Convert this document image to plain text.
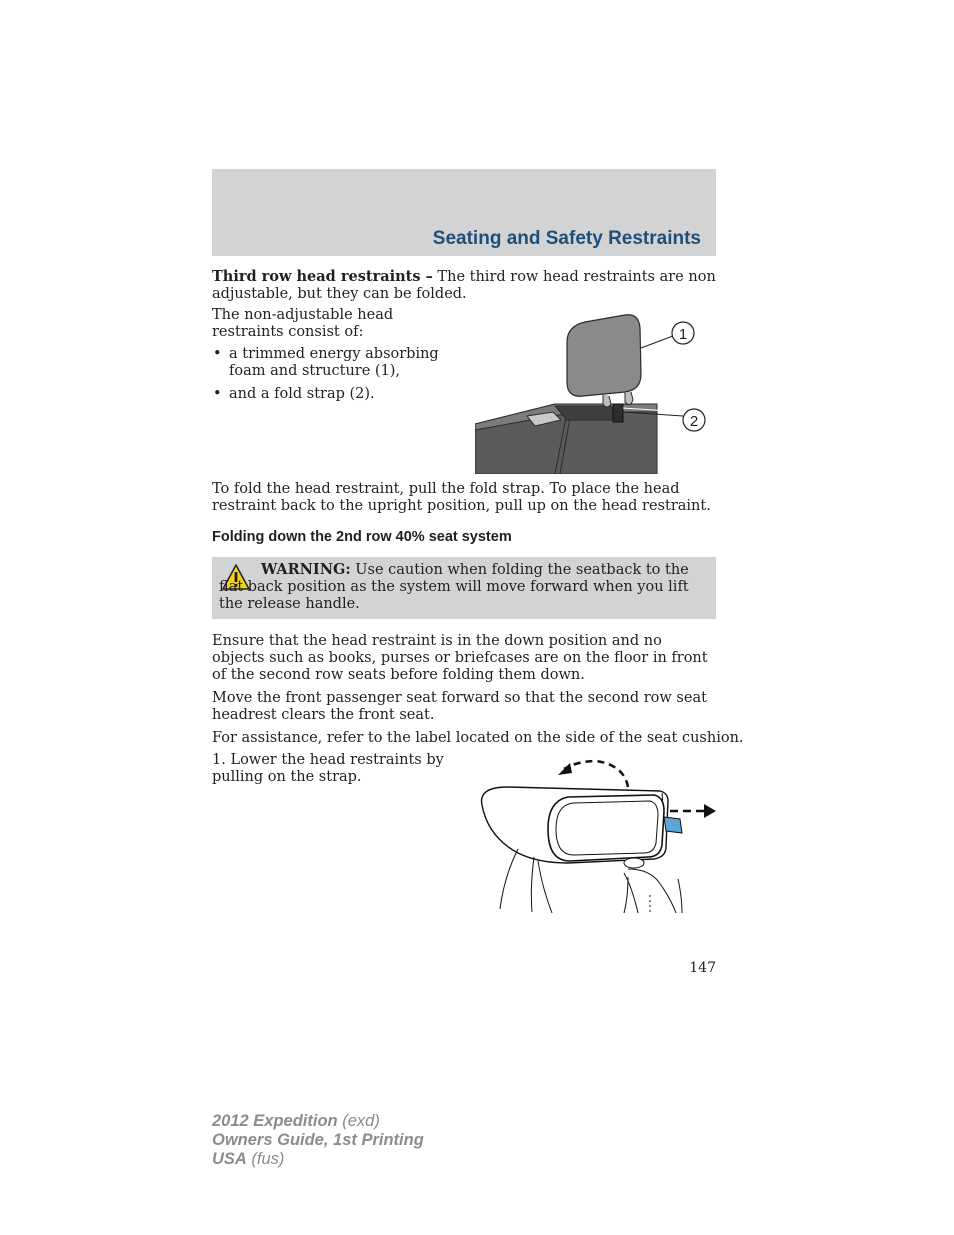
Seating and Safety Restraints
Third row head restraints – The third row head restraints are non adjustable, but they can be folded.
The non-adjustable head restraints consist of:
• a trimmed energy absorbing foam and structure (1),
• and a fold strap (2).
1
2
To fold the head restraint, pull the fold strap. To place the head restraint back to the upright position, pull up on the head restraint.
Folding down the 2nd row 40% seat system
WARNING: Use caution when folding the seatback to the flat back position as the system will move forward when you lift the release handle.
Ensure that the head restraint is in the down position and no objects such as books, purses or briefcases are on the floor in front of the second row seats before folding them down.
Move the front passenger seat forward so that the second row seat headrest clears the front seat.
For assistance, refer to the label located on the side of the seat cushion.
1. Lower the head restraints by pulling on the strap.
147
2012 Expedition (exd)
Owners Guide, 1st Printing
USA (fus)
